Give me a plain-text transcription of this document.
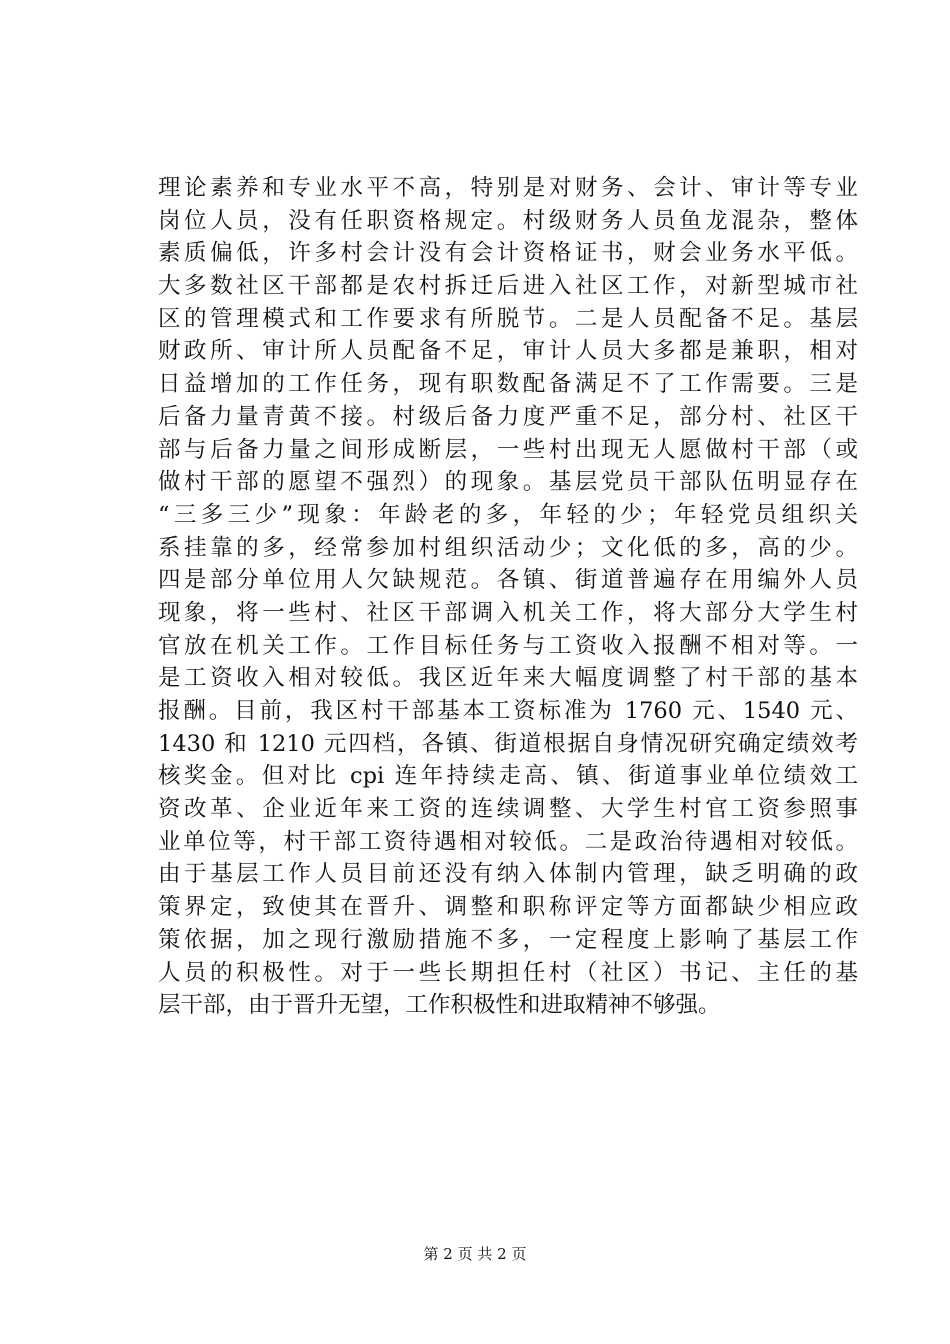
理论素养和专业水平不高，特别是对财务、会计、审计等专业
岗位人员，没有任职资格规定。村级财务人员鱼龙混杂，整体
素质偏低，许多村会计没有会计资格证书，财会业务水平低。
大多数社区干部都是农村拆迁后进入社区工作，对新型城市社
区的管理模式和工作要求有所脱节。二是人员配备不足。基层
财政所、审计所人员配备不足，审计人员大多都是兼职，相对
日益增加的工作任务，现有职数配备满足不了工作需要。三是
后备力量青黄不接。村级后备力度严重不足，部分村、社区干
部与后备力量之间形成断层，一些村出现无人愿做村干部（或
做村干部的愿望不强烈）的现象。基层党员干部队伍明显存在
“三多三少”现象：年龄老的多，年轻的少；年轻党员组织关
系挂靠的多，经常参加村组织活动少；文化低的多，高的少。
四是部分单位用人欠缺规范。各镇、街道普遍存在用编外人员
现象，将一些村、社区干部调入机关工作，将大部分大学生村
官放在机关工作。工作目标任务与工资收入报酬不相对等。一
是工资收入相对较低。我区近年来大幅度调整了村干部的基本
报酬。目前，我区村干部基本工资标准为 1760 元、1540 元、
1430 和 1210 元四档，各镇、街道根据自身情况研究确定绩效考
核奖金。但对比 cpi 连年持续走高、镇、街道事业单位绩效工
资改革、企业近年来工资的连续调整、大学生村官工资参照事
业单位等，村干部工资待遇相对较低。二是政治待遇相对较低。
由于基层工作人员目前还没有纳入体制内管理，缺乏明确的政
策界定，致使其在晋升、调整和职称评定等方面都缺少相应政
策依据，加之现行激励措施不多，一定程度上影响了基层工作
人员的积极性。对于一些长期担任村（社区）书记、主任的基
层干部，由于晋升无望，工作积极性和进取精神不够强。
第 2 页 共 2 页
